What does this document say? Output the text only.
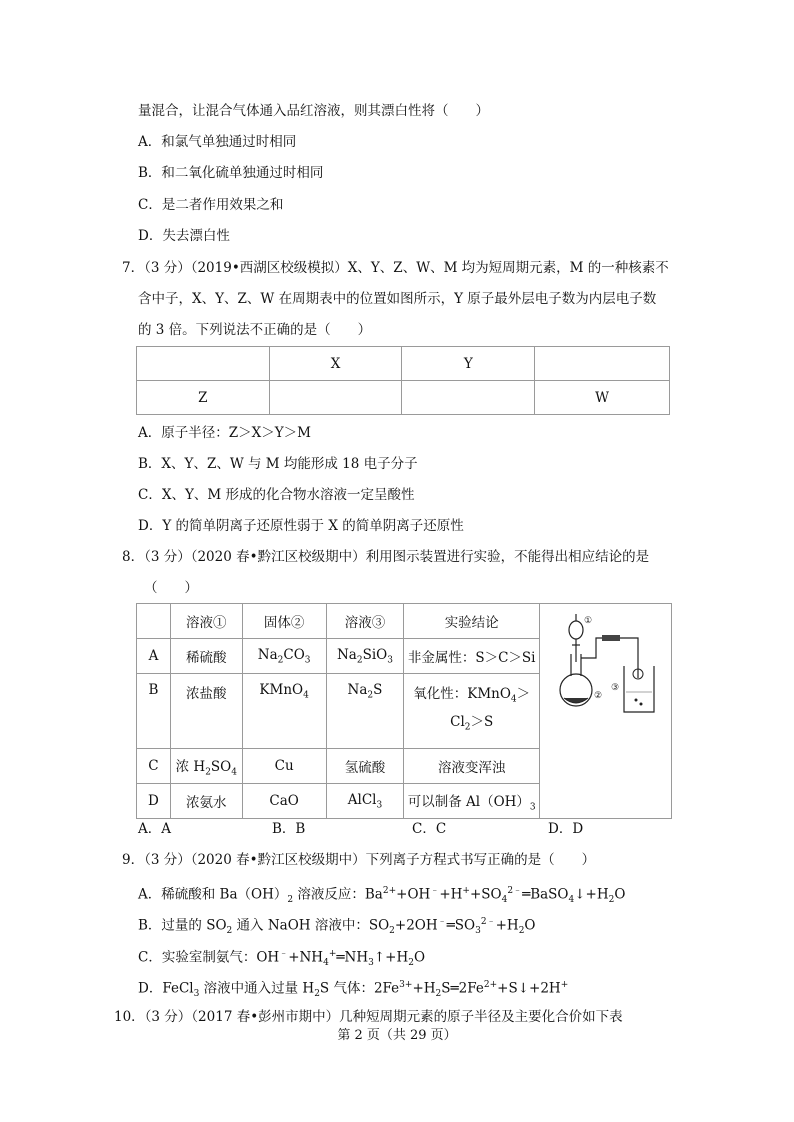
量混合，让混合气体通入品红溶液，则其漂白性将（　　）
A．和氯气单独通过时相同
B．和二氧化硫单独通过时相同
C．是二者作用效果之和
D．失去漂白性
7．（3 分）（2019•西湖区校级模拟）X、Y、Z、W、M 均为短周期元素，M 的一种核素不
含中子，X、Y、Z、W 在周期表中的位置如图所示，Y 原子最外层电子数为内层电子数
的 3 倍。下列说法不正确的是（　　）
	X	Y	
Z			W
A．原子半径：Z＞X＞Y＞M
B．X、Y、Z、W 与 M 均能形成 18 电子分子
C．X、Y、M 形成的化合物水溶液一定呈酸性
D．Y 的简单阴离子还原性弱于 X 的简单阴离子还原性
8．（3 分）（2020 春•黔江区校级期中）利用图示装置进行实验，不能得出相应结论的是
（　　）
	溶液①	固体②	溶液③	实验结论	①
②
③

A	稀硫酸	$Na_2CO_3$	$Na_2SiO_3$	非金属性：S＞C＞Si	
B	浓盐酸	KMnO$_4$	$Na_2S$	氧化性：KMnO$_4$＞
$Cl_2>S$	
C	浓 $H_2SO_4$	Cu	氢硫酸	溶液变浑浊	
D	浓氨水	CaO	AlCl$_3$	可以制备 $Al(OH)_3$
A．A	B．B	C．C	D．D
9．（3 分）（2020 春•黔江区校级期中）下列离子方程式书写正确的是（　　）
A．稀硫酸和 $Ba(OH)_2$ 溶液反应：$Ba^{2+}+OH^﹣+H^++SO_4^{2﹣}═BaSO_4↓+H_2O$
B．过量的 $SO_2$ 通入 NaOH 溶液中：$SO_2+2OH^﹣═SO_3^{2﹣}+H_2O$
C．实验室制氨气：$OH^﹣+NH_4^+═NH_3↑+H_2O$
D．FeCl$_3$ 溶液中通入过量 $H_2S$ 气体：$2Fe^{3+}+H_2S═2Fe^{2+}+S↓+2H^+$
10．（3 分）（2017 春•彭州市期中）几种短周期元素的原子半径及主要化合价如下表
第 2 页（共 29 页）
